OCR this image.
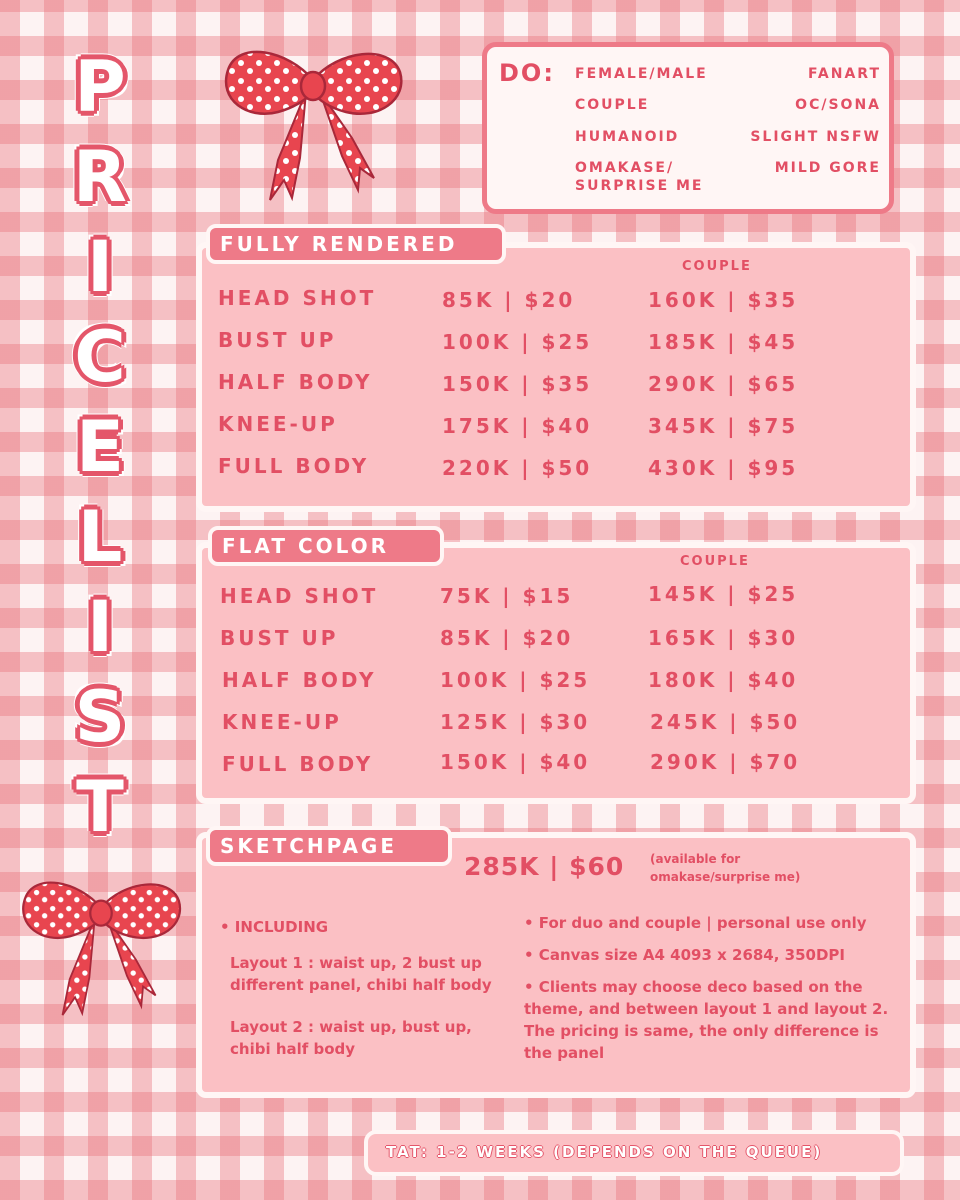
P
R
I
C
E
L
I
S
T
DO: FEMALE/MALE
COUPLE
HUMANOID
OMAKASE/
SURPRISE ME
FANART
OC/SONA
SLIGHT NSFW
MILD GORE
FULLY RENDERED
COUPLE
HEAD SHOT	85K | $20	160K | $35
BUST UP	100K | $25	185K | $45
HALF BODY	150K | $35	290K | $65
KNEE-UP	175K | $40	345K | $75
FULL BODY	220K | $50	430K | $95
FLAT COLOR
COUPLE
HEAD SHOT	75K | $15	145K | $25
BUST UP	85K | $20	165K | $30
HALF BODY	100K | $25	180K | $40
KNEE-UP	125K | $30	245K | $50
FULL BODY	150K | $40	290K | $70
SKETCHPAGE
285K | $60 (available for
omakase/surprise me)
• INCLUDING
Layout 1 : waist up, 2 bust up different panel, chibi half body
Layout 2 : waist up, bust up, chibi half body
• For duo and couple | personal use only
• Canvas size A4 4093 x 2684, 350DPI
• Clients may choose deco based on the theme, and between layout 1 and layout 2. The pricing is same, the only difference is the panel
TAT: 1-2 WEEKS (DEPENDS ON THE QUEUE)
